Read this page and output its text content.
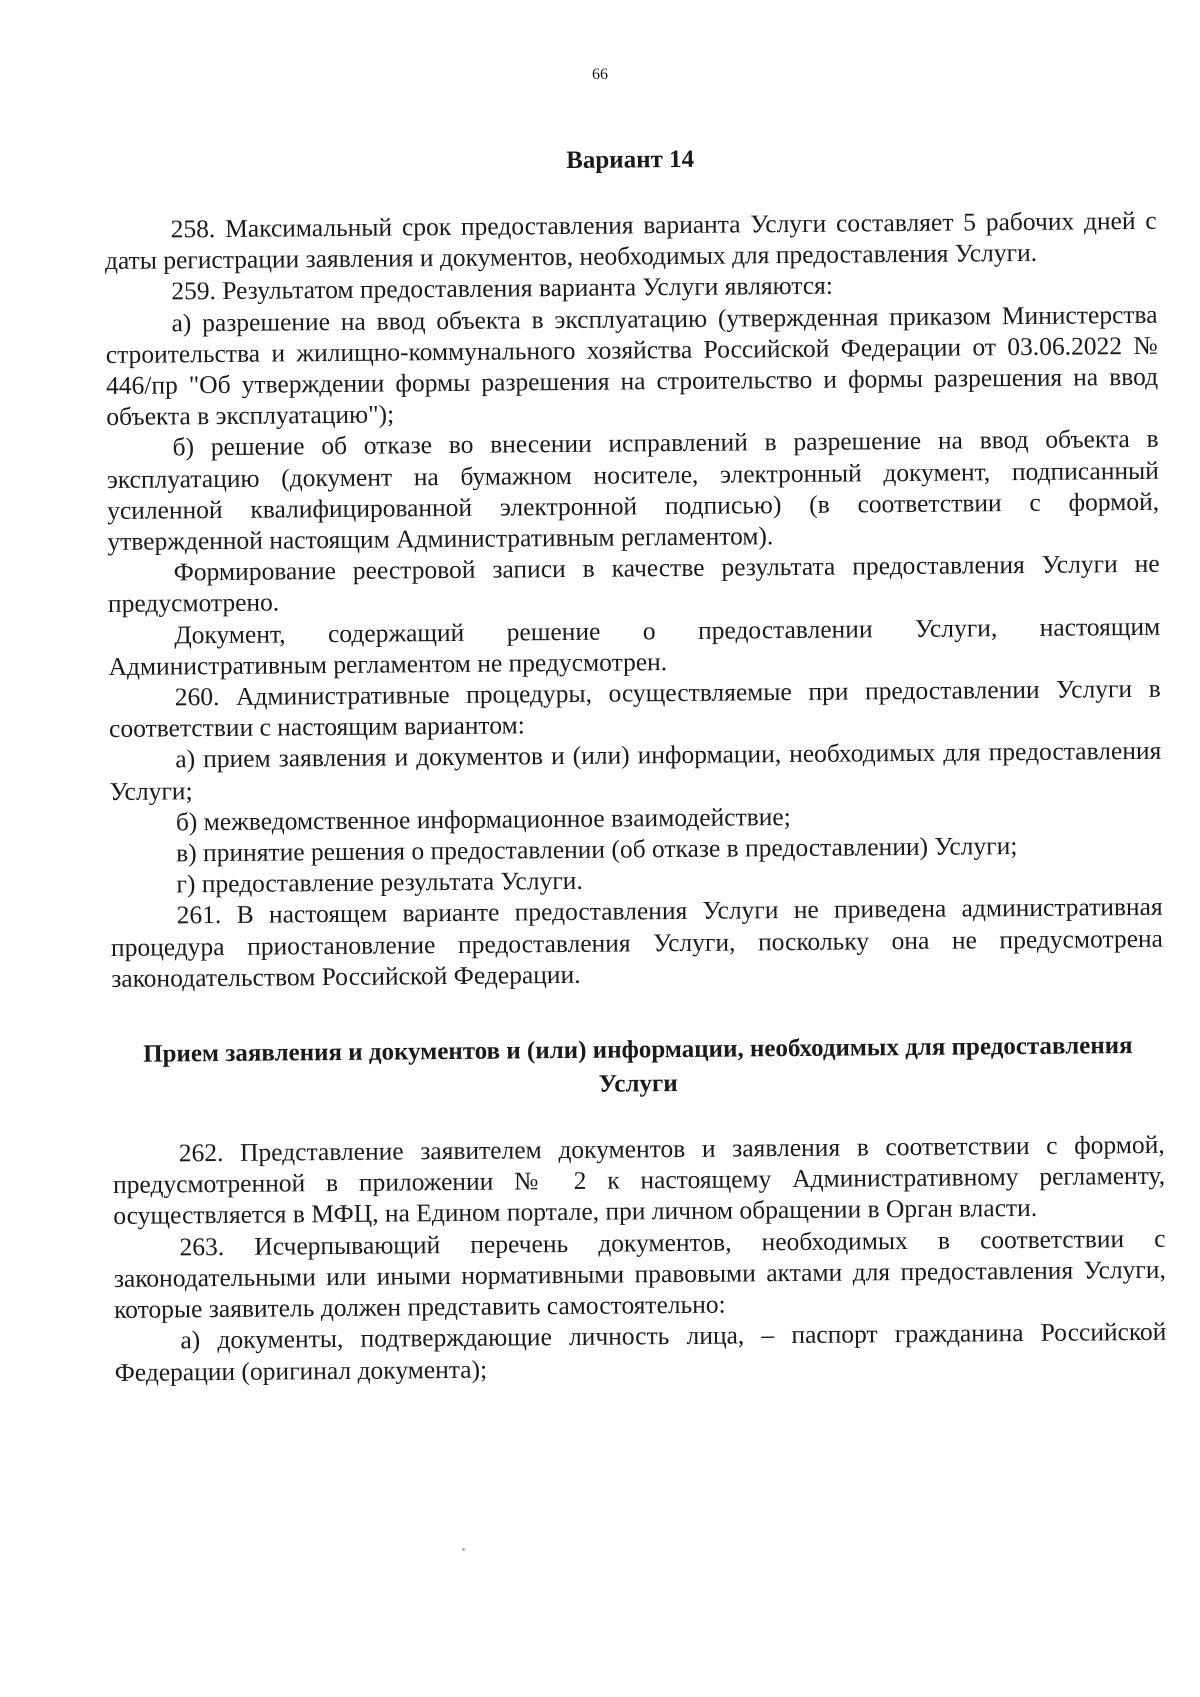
66
Вариант 14

258. Максимальный срок предоставления варианта Услуги составляет 5 рабочих дней с даты регистрации заявления и документов, необходимых для предоставления Услуги.

259. Результатом предоставления варианта Услуги являются:

а) разрешение на ввод объекта в эксплуатацию (утвержденная приказом Министерства строительства и жилищно-коммунального хозяйства Российской Федерации от 03.06.2022 № 446/пр "Об утверждении формы разрешения на строительство и формы разрешения на ввод объекта в эксплуатацию");

б) решение об отказе во внесении исправлений в разрешение на ввод объекта в эксплуатацию (документ на бумажном носителе, электронный документ, подписанный усиленной квалифицированной электронной подписью) (в соответствии с формой, утвержденной настоящим Административным регламентом).

Формирование реестровой записи в качестве результата предоставления Услуги не предусмотрено.

Документ, содержащий решение о предоставлении Услуги, настоящим Административным регламентом не предусмотрен.

260. Административные процедуры, осуществляемые при предоставлении Услуги в соответствии с настоящим вариантом:

а) прием заявления и документов и (или) информации, необходимых для предоставления Услуги;

б) межведомственное информационное взаимодействие;

в) принятие решения о предоставлении (об отказе в предоставлении) Услуги;

г) предоставление результата Услуги.

261. В настоящем варианте предоставления Услуги не приведена административная процедура приостановление предоставления Услуги, поскольку она не предусмотрена законодательством Российской Федерации.

Прием заявления и документов и (или) информации, необходимых для предоставления Услуги

262. Представление заявителем документов и заявления в соответствии с формой, предусмотренной в приложении № 2 к настоящему Административному регламенту, осуществляется в МФЦ, на Едином портале, при личном обращении в Орган власти.

263. Исчерпывающий перечень документов, необходимых в соответствии с законодательными или иными нормативными правовыми актами для предоставления Услуги, которые заявитель должен представить самостоятельно:

а) документы, подтверждающие личность лица, – паспорт гражданина Российской Федерации (оригинал документа);
